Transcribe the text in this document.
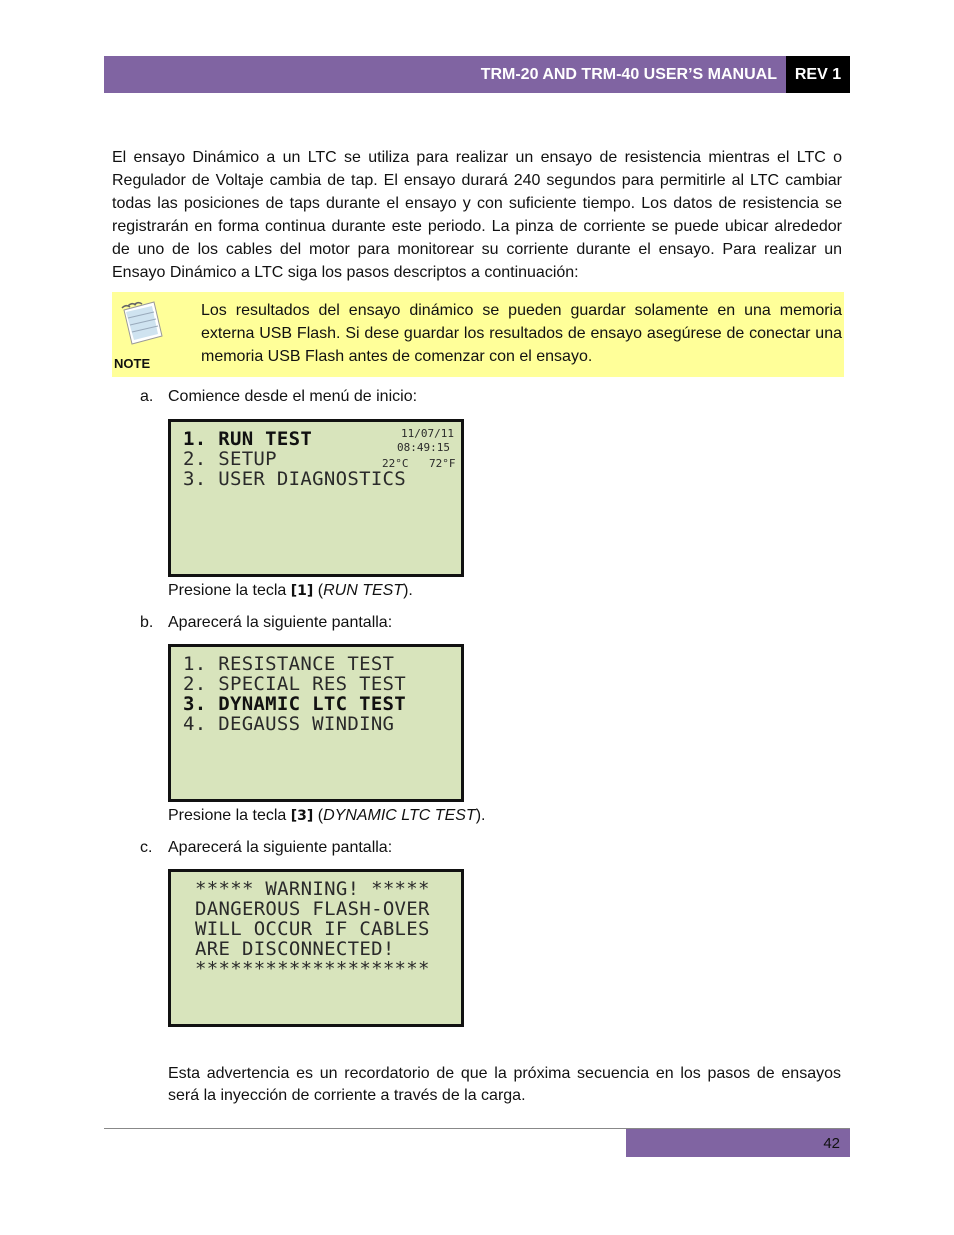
TRM-20 AND TRM-40 USER’S MANUAL REV 1
El ensayo Dinámico a un LTC se utiliza para realizar un ensayo de resistencia mientras el LTC o Regulador de Voltaje cambia de tap. El ensayo durará 240 segundos para permitirle al LTC cambiar todas las posiciones de taps durante el ensayo y con suficiente tiempo. Los datos de resistencia se registrarán en forma continua durante este periodo. La pinza de corriente se puede ubicar alrededor de uno de los cables del motor para monitorear su corriente durante el ensayo. Para realizar un Ensayo Dinámico a LTC siga los pasos descriptos a continuación:
NOTE
Los resultados del ensayo dinámico se pueden guardar solamente en una memoria externa USB Flash. Si dese guardar los resultados de ensayo asegúrese de conectar una memoria USB Flash antes de comenzar con el ensayo.
a. Comience desde el menú de inicio:
1. RUN TEST
2. SETUP
3. USER DIAGNOSTICS
11/07/11
08:49:15
22°C 72°F
Presione la tecla [1] (RUN TEST).
b. Aparecerá la siguiente pantalla:
1. RESISTANCE TEST
2. SPECIAL RES TEST
3. DYNAMIC LTC TEST
4. DEGAUSS WINDING
Presione la tecla [3] (DYNAMIC LTC TEST).
c. Aparecerá la siguiente pantalla:
***** WARNING! *****
DANGEROUS FLASH-OVER
WILL OCCUR IF CABLES
ARE DISCONNECTED!
********************
Esta advertencia es un recordatorio de que la próxima secuencia en los pasos de ensayos será la inyección de corriente a través de la carga.
42
